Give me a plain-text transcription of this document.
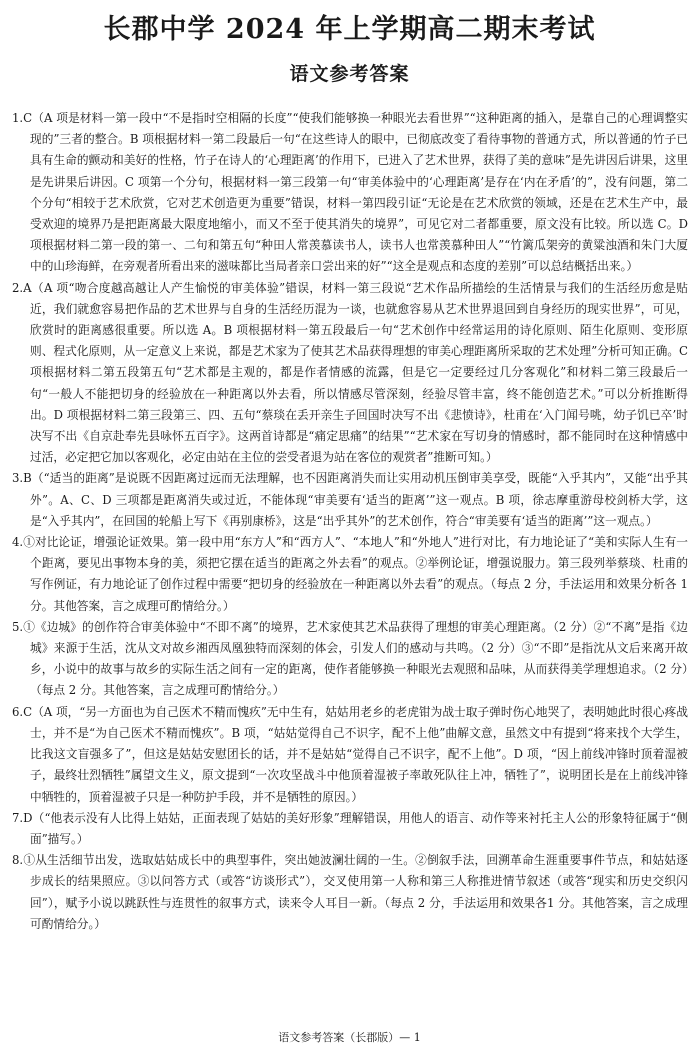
长郡中学 2024 年上学期高二期末考试
语文参考答案

1.C（A 项是材料一第一段中“不是指时空相隔的长度”“使我们能够换一种眼光去看世界”“这种距离的插入，是靠自己的心理调整实现的”三者的整合。B 项根据材料一第二段最后一句“在这些诗人的眼中，已彻底改变了看待事物的普通方式，所以普通的竹子已具有生命的颤动和美好的性格，竹子在诗人的‘心理距离’的作用下，已进入了艺术世界，获得了美的意味”是先讲因后讲果，这里是先讲果后讲因。C 项第一个分句，根据材料一第三段第一句“审美体验中的‘心理距离’是存在‘内在矛盾’的”，没有问题，第二个分句“相较于艺术欣赏，它对艺术创造更为重要”错误，材料一第四段引证“无论是在艺术欣赏的领域，还是在艺术生产中，最受欢迎的境界乃是把距离最大限度地缩小，而又不至于使其消失的境界”，可见它对二者都重要，原文没有比较。所以选 C。D 项根据材料二第一段的第一、二句和第五句“种田人常羡慕读书人，读书人也常羡慕种田人”“竹篱瓜架旁的黄粱浊酒和朱门大厦中的山珍海鲜，在旁观者所看出来的滋味都比当局者亲口尝出来的好”“这全是观点和态度的差别”可以总结概括出来。）

2.A（A 项“吻合度越高越让人产生愉悦的审美体验”错误，材料一第三段说“艺术作品所描绘的生活情景与我们的生活经历愈是贴近，我们就愈容易把作品的艺术世界与自身的生活经历混为一谈，也就愈容易从艺术世界退回到自身经历的现实世界”，可见，欣赏时的距离感很重要。所以选 A。B 项根据材料一第五段最后一句“艺术创作中经常运用的诗化原则、陌生化原则、变形原则、程式化原则，从一定意义上来说，都是艺术家为了使其艺术品获得理想的审美心理距离所采取的艺术处理”分析可知正确。C 项根据材料二第五段第五句“艺术都是主观的，都是作者情感的流露，但是它一定要经过几分客观化”和材料二第三段最后一句“一般人不能把切身的经验放在一种距离以外去看，所以情感尽管深刻，经验尽管丰富，终不能创造艺术。”可以分析推断得出。D 项根据材料二第三段第三、四、五句“蔡琰在丢开亲生子回国时决写不出《悲愤诗》，杜甫在‘入门闻号咷，幼子饥已卒’时决写不出《自京赴奉先县咏怀五百字》。这两首诗都是“痛定思痛”的结果”“艺术家在写切身的情感时，都不能同时在这种情感中过活，必定把它加以客观化，必定由站在主位的尝受者退为站在客位的观赏者”推断可知。）

3.B（“适当的距离”是说既不因距离过远而无法理解，也不因距离消失而让实用动机压倒审美享受，既能“入乎其内”，又能“出乎其外”。A、C、D 三项都是距离消失或过近，不能体现“审美要有‘适当的距离’”这一观点。B 项，徐志摩重游母校剑桥大学，这是“入乎其内”，在回国的轮船上写下《再别康桥》，这是“出乎其外”的艺术创作，符合“审美要有‘适当的距离’”这一观点。）

4.①对比论证，增强论证效果。第一段中用“东方人”和“西方人”、“本地人”和“外地人”进行对比，有力地论证了“美和实际人生有一个距离，要见出事物本身的美，须把它摆在适当的距离之外去看”的观点。②举例论证，增强说服力。第三段列举蔡琰、杜甫的写作例证，有力地论证了创作过程中需要“把切身的经验放在一种距离以外去看”的观点。（每点 2 分，手法运用和效果分析各 1 分。其他答案，言之成理可酌情给分。）

5.①《边城》的创作符合审美体验中“不即不离”的境界，艺术家使其艺术品获得了理想的审美心理距离。（2 分）②“不离”是指《边城》来源于生活，沈从文对故乡湘西凤凰独特而深刻的体会，引发人们的感动与共鸣。（2 分）③“不即”是指沈从文后来离开故乡，小说中的故事与故乡的实际生活之间有一定的距离，使作者能够换一种眼光去观照和品味，从而获得美学理想追求。（2 分）（每点 2 分。其他答案，言之成理可酌情给分。）

6.C（A 项，“另一方面也为自己医术不精而愧疚”无中生有，姑姑用老乡的老虎钳为战士取子弹时伤心地哭了，表明她此时很心疼战士，并不是“为自己医术不精而愧疚”。B 项，“姑姑觉得自己不识字，配不上他”曲解文意，虽然文中有提到“将来找个大学生，比我这文盲强多了”，但这是姑姑安慰团长的话，并不是姑姑“觉得自己不识字，配不上他”。D 项，“因上前线冲锋时顶着湿被子，最终壮烈牺牲”属望文生义，原文提到“一次攻坚战斗中他顶着湿被子率敢死队往上冲，牺牲了”，说明团长是在上前线冲锋中牺牲的，顶着湿被子只是一种防护手段，并不是牺牲的原因。）

7.D（“他表示没有人比得上姑姑，正面表现了姑姑的美好形象”理解错误，用他人的语言、动作等来衬托主人公的形象特征属于“侧面”描写。）

8.①从生活细节出发，选取姑姑成长中的典型事件，突出她波澜壮阔的一生。②倒叙手法，回溯革命生涯重要事件节点，和姑姑逐步成长的结果照应。③以问答方式（或答“访谈形式”），交叉使用第一人称和第三人称推进情节叙述（或答“现实和历史交织闪回”），赋予小说以跳跃性与连贯性的叙事方式，读来令人耳目一新。（每点 2 分，手法运用和效果各1 分。其他答案，言之成理可酌情给分。）

语文参考答案（长郡版）— 1
